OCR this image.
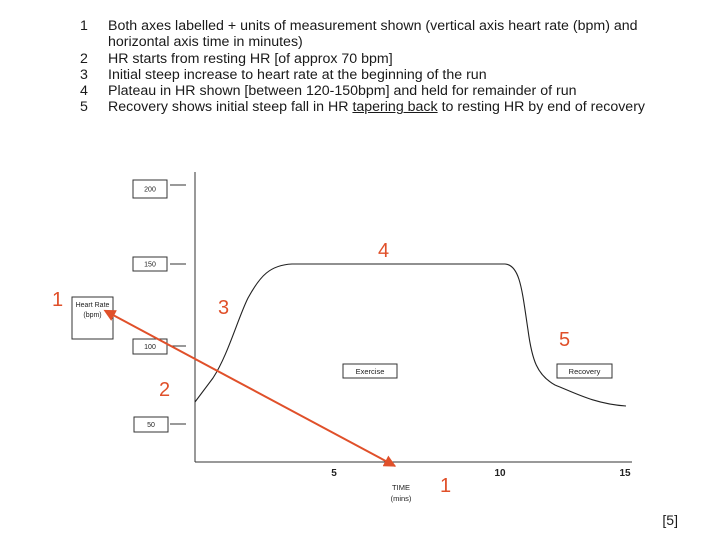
1 Both axes labelled + units of measurement shown (vertical axis heart rate (bpm) and horizontal axis time in minutes)
2 HR starts from resting HR [of approx 70 bpm]
3 Initial steep increase to heart rate at the beginning of the run
4 Plateau in HR shown [between 120-150bpm] and held for remainder of run
5 Recovery shows initial steep fall in HR tapering back to resting HR by end of recovery
200
150
100
50
Heart Rate
(bpm)
5	10	15
TIME
(mins)
Exercise	Recovery
1
2
3
4
5
1
[5]
